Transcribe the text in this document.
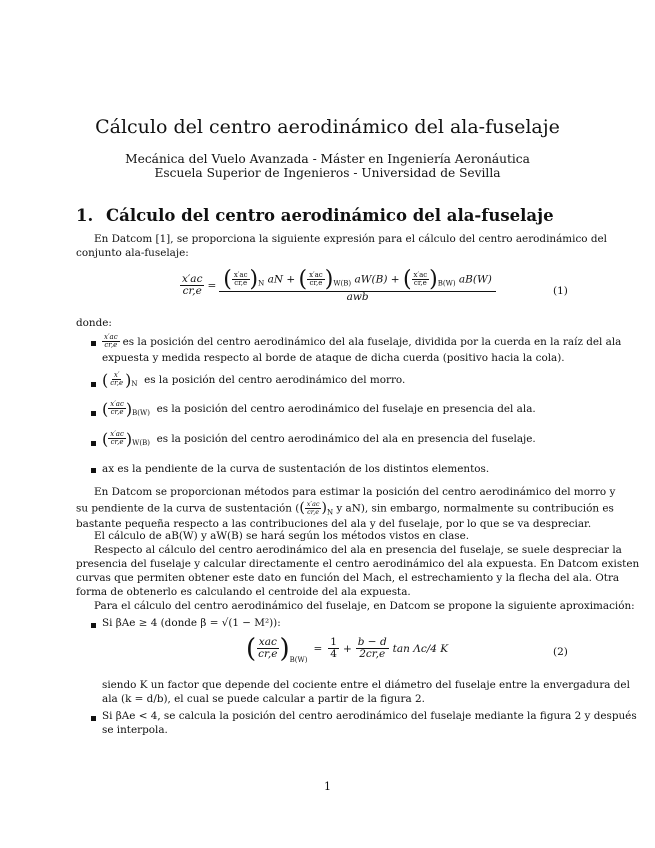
Cálculo del centro aerodinámico del ala-fuselaje
Mecánica del Vuelo Avanzada - Máster en Ingeniería Aeronáutica
Escuela Superior de Ingenieros - Universidad de Sevilla
1. Cálculo del centro aerodinámico del ala-fuselaje
En Datcom [1], se proporciona la siguiente expresión para el cálculo del centro aerodinámico del
conjunto ala-fuselaje:
$\frac{x'ac}{cr,e}$ = ( $\frac{x'ac}{cr,e} )_N$ aN + ( $\frac{x'ac}{cr,e} )_{W(B)}$ aW(B) + ( $\frac{x'ac}{cr,e} )_{B(W)}$ aB(W)
awb
(1)
donde:
$\frac{x'ac}{cr,e}$ es la posición del centro aerodinámico del ala fuselaje, dividida por la cuerda en la raíz del ala
expuesta y medida respecto al borde de ataque de dicha cuerda (positivo hacia la cola).
( $\frac{x'}{cr,e} )_N$ es la posición del centro aerodinámico del morro.
( $\frac{x'ac}{cr,e} )_{B(W)}$ es la posición del centro aerodinámico del fuselaje en presencia del ala.
( $\frac{x'ac}{cr,e} )_{W(B)}$ es la posición del centro aerodinámico del ala en presencia del fuselaje.
ax es la pendiente de la curva de sustentación de los distintos elementos.
En Datcom se proporcionan métodos para estimar la posición del centro aerodinámico del morro y
su pendiente de la curva de sustentación (( $\frac{x'ac}{cr,e} )_N$ y aN), sin embargo, normalmente su contribución es
bastante pequeña respecto a las contribuciones del ala y del fuselaje, por lo que se va despreciar.
El cálculo de aB(W) y aW(B) se hará según los métodos vistos en clase.
Respecto al cálculo del centro aerodinámico del ala en presencia del fuselaje, se suele despreciar la
presencia del fuselaje y calcular directamente el centro aerodinámico del ala expuesta. En Datcom existen
curvas que permiten obtener este dato en función del Mach, el estrechamiento y la flecha del ala. Otra
forma de obtenerlo es calculando el centroide del ala expuesta.
Para el cálculo del centro aerodinámico del fuselaje, en Datcom se propone la siguiente aproximación:
Si βAe ≥ 4 (donde β = √(1 − M²)):
( $\frac{\text{xac}}{cr,e} )_{B(W)}$
= $\frac{1}{4} + \frac{b - d}{2cr,e}$ tan Λc/4 K	(2)
siendo K un factor que depende del cociente entre el diámetro del fuselaje entre la envergadura del
ala (k = d/b), el cual se puede calcular a partir de la figura 2.
Si βAe < 4, se calcula la posición del centro aerodinámico del fuselaje mediante la figura 2 y después
se interpola.
1
